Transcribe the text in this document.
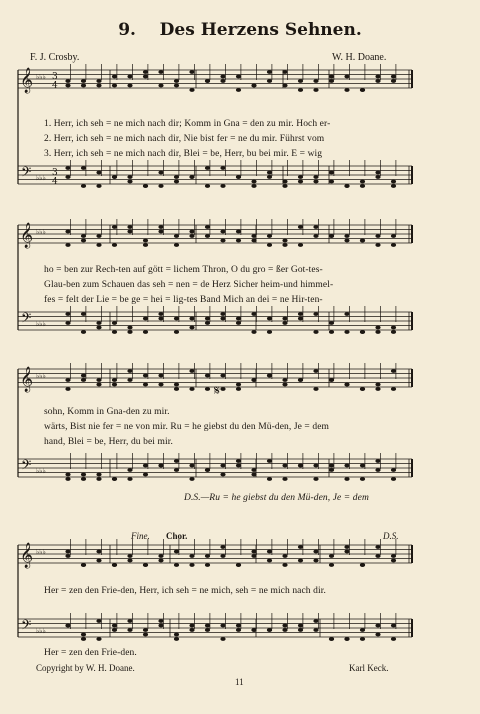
9. Des Herzens Sehnen.
F. J. Crosby.	W. H. Doane.
𝄞
𝄢
♭♭♭
♭♭♭
3
4
3
4
𝄞
𝄢
♭♭♭
♭♭♭
𝄞
𝄢
♭♭♭
♭♭♭
𝄞
𝄢
♭♭♭
♭♭♭
1. Herr, ich seh = ne mich nach dir; Komm in Gna = den zu mir. Hoch er-
2. Herr, ich seh = ne mich nach dir, Nie bist fer = ne du mir. Führst vom
3. Herr, ich seh = ne mich nach dir, Blei = be, Herr, bu bei mir. E = wig
ho = ben zur Rech-ten auf gött = lichem Thron, O du gro = ßer Got-tes-
Glau-ben zum Schauen das seh = nen = de Herz Sicher heim-und himmel-
fes = felt der Lie = be ge = hei = lig-tes Band Mich an dei = ne Hir-ten-
𝄋
sohn, Komm in Gna-den zu mir.
wärts, Bist nie fer = ne von mir. Ru = he giebst du den Mü-den, Je = dem
hand, Blei = be, Herr, du bei mir.
D.S.—Ru = he giebst du den Mü-den, Je = dem
Fine. Chor.	D.S.
Her = zen den Frie-den, Herr, ich seh = ne mich, seh = ne mich nach dir.
Her = zen den Frie-den.
Copyright by W. H. Doane.
11
Karl Keck.
